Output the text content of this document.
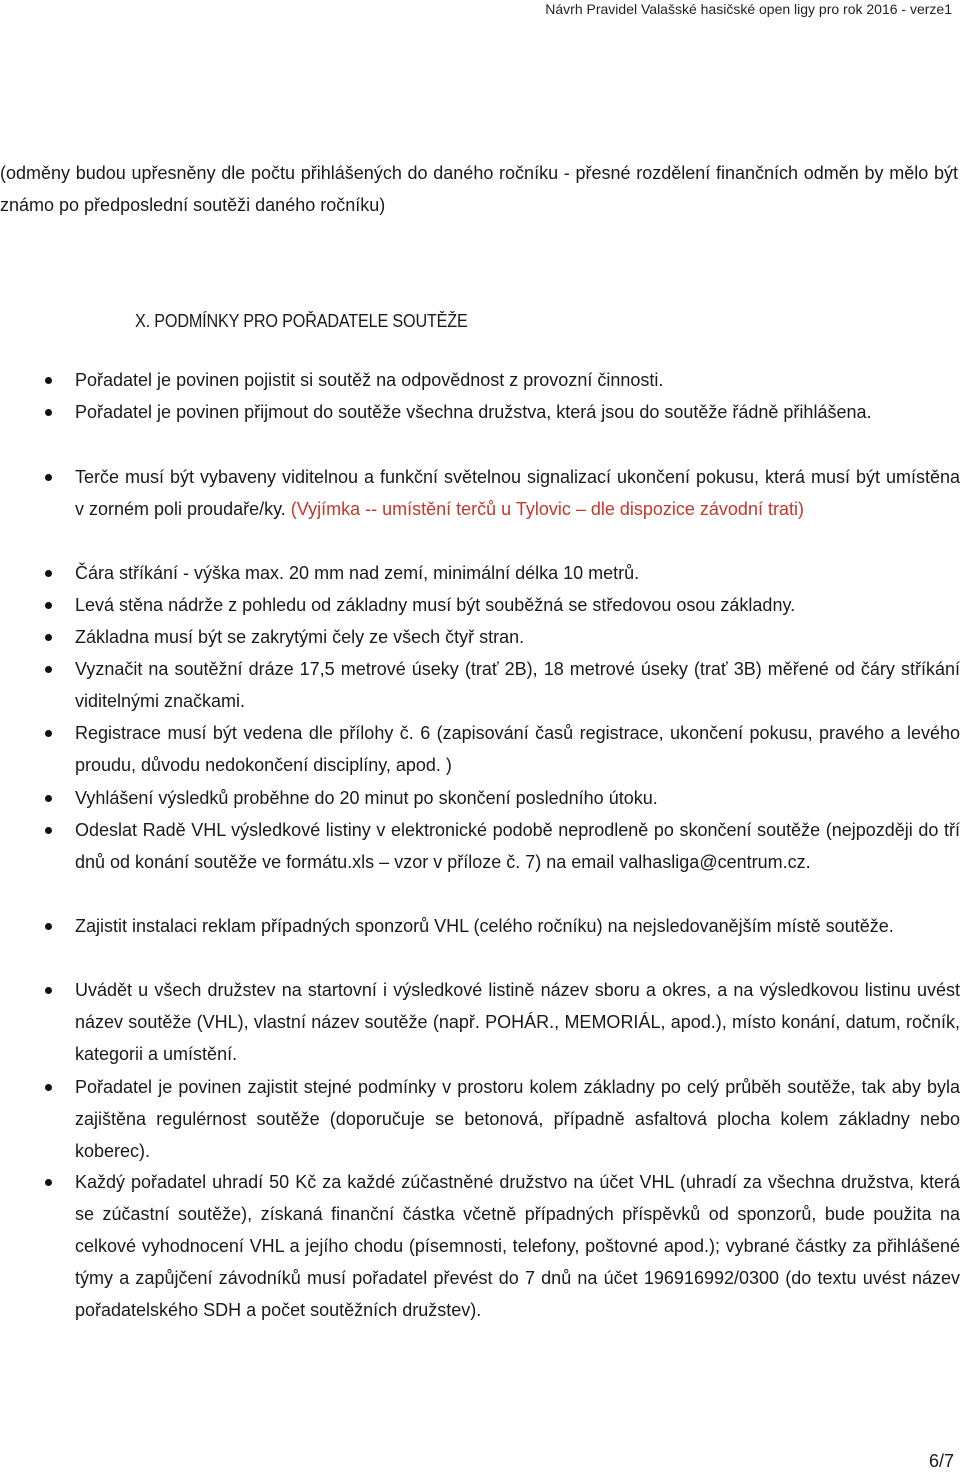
Návrh Pravidel Valašské hasičské open ligy pro rok 2016 - verze1

(odměny budou upřesněny dle počtu přihlášených do daného ročníku - přesné rozdělení finančních odměn by mělo být známo po předposlední soutěži daného ročníku)

X. PODMÍNKY PRO POŘADATELE SOUTĚŽE
Pořadatel je povinen pojistit si soutěž na odpovědnost z provozní činnosti.
Pořadatel je povinen přijmout do soutěže všechna družstva, která jsou do soutěže řádně přihlášena.
Terče musí být vybaveny viditelnou a funkční světelnou signalizací ukončení pokusu, která musí být umístěna v zorném poli proudaře/ky. (Vyjímka -- umístění terčů u Tylovic – dle dispozice závodní trati)
Čára stříkání - výška max. 20 mm nad zemí, minimální délka 10 metrů.
Levá stěna nádrže z pohledu od základny musí být souběžná se středovou osou základny.
Základna musí být se zakrytými čely ze všech čtyř stran.
Vyznačit na soutěžní dráze 17,5 metrové úseky (trať 2B), 18 metrové úseky (trať 3B) měřené od čáry stříkání viditelnými značkami.
Registrace musí být vedena dle přílohy č. 6 (zapisování časů registrace, ukončení pokusu, pravého a levého proudu, důvodu nedokončení disciplíny, apod. )
Vyhlášení výsledků proběhne do 20 minut po skončení posledního útoku.
Odeslat Radě VHL výsledkové listiny v elektronické podobě neprodleně po skončení soutěže (nejpozději do tří dnů od konání soutěže ve formátu.xls – vzor v příloze č. 7) na email valhasliga@centrum.cz.
Zajistit instalaci reklam případných sponzorů VHL (celého ročníku) na nejsledovanějším místě soutěže.
Uvádět u všech družstev na startovní i výsledkové listině název sboru a okres, a na výsledkovou listinu uvést název soutěže (VHL), vlastní název soutěže (např. POHÁR., MEMORIÁL, apod.), místo konání, datum, ročník, kategorii a umístění.
Pořadatel je povinen zajistit stejné podmínky v prostoru kolem základny po celý průběh soutěže, tak aby byla zajištěna regulérnost soutěže (doporučuje se betonová, případně asfaltová plocha kolem základny nebo koberec).
Každý pořadatel uhradí 50 Kč za každé zúčastněné družstvo na účet VHL (uhradí za všechna družstva, která se zúčastní soutěže), získaná finanční částka včetně případných příspěvků od sponzorů, bude použita na celkové vyhodnocení VHL a jejího chodu (písemnosti, telefony, poštovné apod.); vybrané částky za přihlášené týmy a zapůjčení závodníků musí pořadatel převést do 7 dnů na účet 196916992/0300 (do textu uvést název pořadatelského SDH a počet soutěžních družstev).
6/7
